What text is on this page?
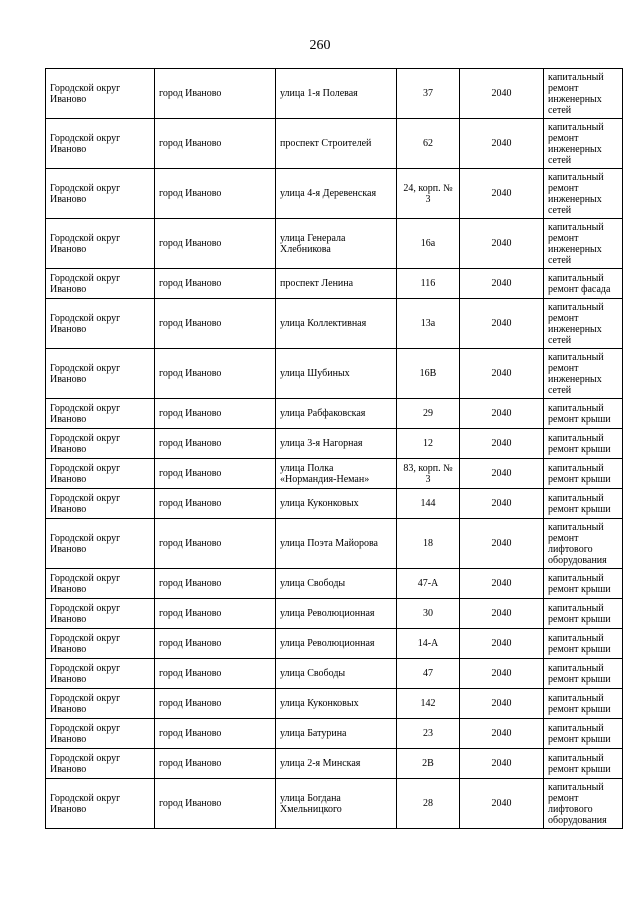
260
Городской округ Иваново	город Иваново	улица 1-я Полевая	37	2040	капитальный ремонт инженерных сетей
Городской округ Иваново	город Иваново	проспект Строителей	62	2040	капитальный ремонт инженерных сетей
Городской округ Иваново	город Иваново	улица 4-я Деревенская	24, корп. № 3	2040	капитальный ремонт инженерных сетей
Городской округ Иваново	город Иваново	улица Генерала Хлебникова	16а	2040	капитальный ремонт инженерных сетей
Городской округ Иваново	город Иваново	проспект Ленина	116	2040	капитальный ремонт фасада
Городской округ Иваново	город Иваново	улица Коллективная	13а	2040	капитальный ремонт инженерных сетей
Городской округ Иваново	город Иваново	улица Шубиных	16В	2040	капитальный ремонт инженерных сетей
Городской округ Иваново	город Иваново	улица Рабфаковская	29	2040	капитальный ремонт крыши
Городской округ Иваново	город Иваново	улица 3-я Нагорная	12	2040	капитальный ремонт крыши
Городской округ Иваново	город Иваново	улица Полка «Нормандия-Неман»	83, корп. № 3	2040	капитальный ремонт крыши
Городской округ Иваново	город Иваново	улица Куконковых	144	2040	капитальный ремонт крыши
Городской округ Иваново	город Иваново	улица Поэта Майорова	18	2040	капитальный ремонт лифтового оборудования
Городской округ Иваново	город Иваново	улица Свободы	47-А	2040	капитальный ремонт крыши
Городской округ Иваново	город Иваново	улица Революционная	30	2040	капитальный ремонт крыши
Городской округ Иваново	город Иваново	улица Революционная	14-А	2040	капитальный ремонт крыши
Городской округ Иваново	город Иваново	улица Свободы	47	2040	капитальный ремонт крыши
Городской округ Иваново	город Иваново	улица Куконковых	142	2040	капитальный ремонт крыши
Городской округ Иваново	город Иваново	улица Батурина	23	2040	капитальный ремонт крыши
Городской округ Иваново	город Иваново	улица 2-я Минская	2В	2040	капитальный ремонт крыши
Городской округ Иваново	город Иваново	улица Богдана Хмельницкого	28	2040	капитальный ремонт лифтового оборудования
